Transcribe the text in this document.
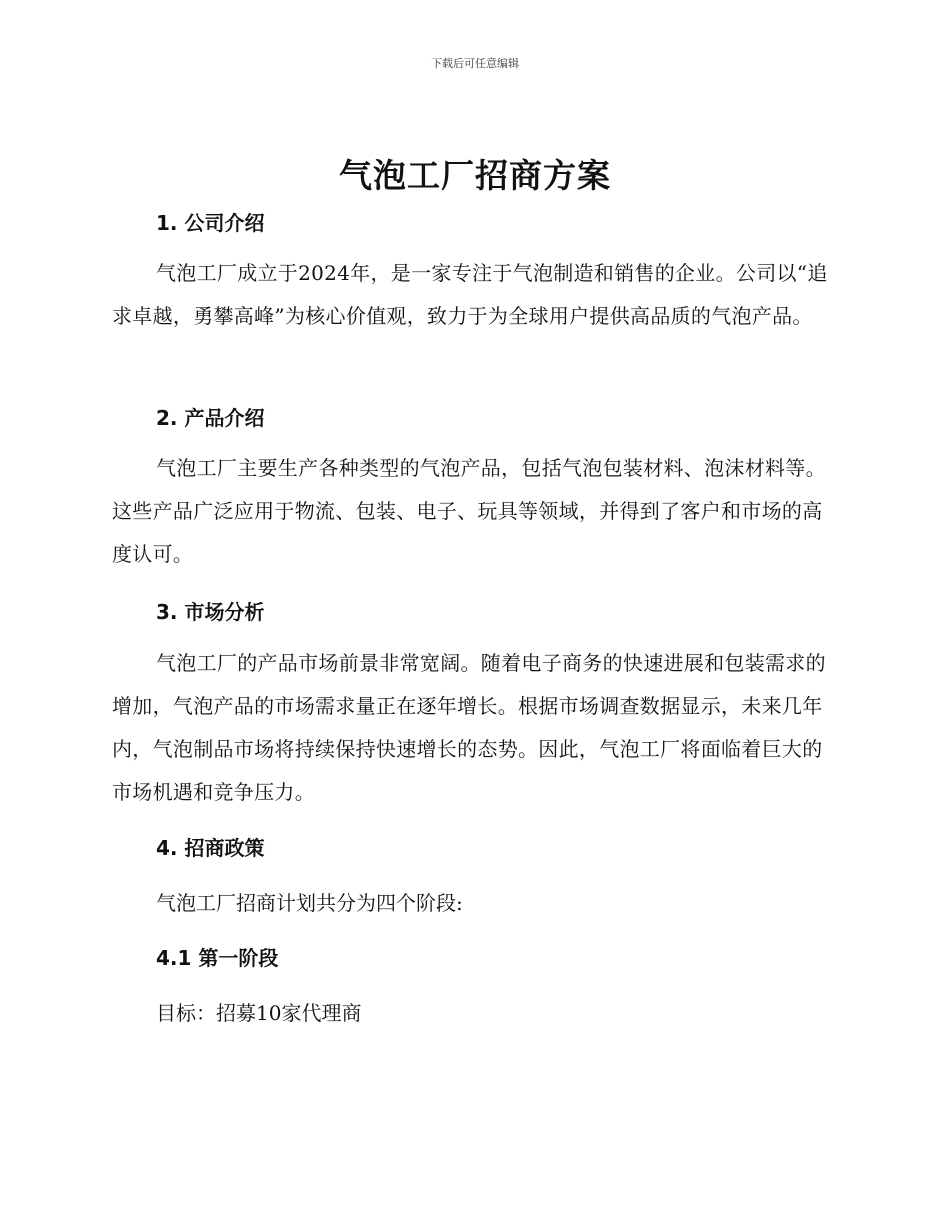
下载后可任意编辑
气泡工厂招商方案
1. 公司介绍

气泡工厂成立于2024年，是一家专注于气泡制造和销售的企业。公司以“追求卓越，勇攀高峰”为核心价值观，致力于为全球用户提供高品质的气泡产品。

2. 产品介绍

气泡工厂主要生产各种类型的气泡产品，包括气泡包装材料、泡沫材料等。这些产品广泛应用于物流、包装、电子、玩具等领域，并得到了客户和市场的高度认可。

3. 市场分析

气泡工厂的产品市场前景非常宽阔。随着电子商务的快速进展和包装需求的增加，气泡产品的市场需求量正在逐年增长。根据市场调查数据显示，未来几年内，气泡制品市场将持续保持快速增长的态势。因此，气泡工厂将面临着巨大的市场机遇和竞争压力。

4. 招商政策

气泡工厂招商计划共分为四个阶段:

4.1 第一阶段

目标：招募10家代理商
